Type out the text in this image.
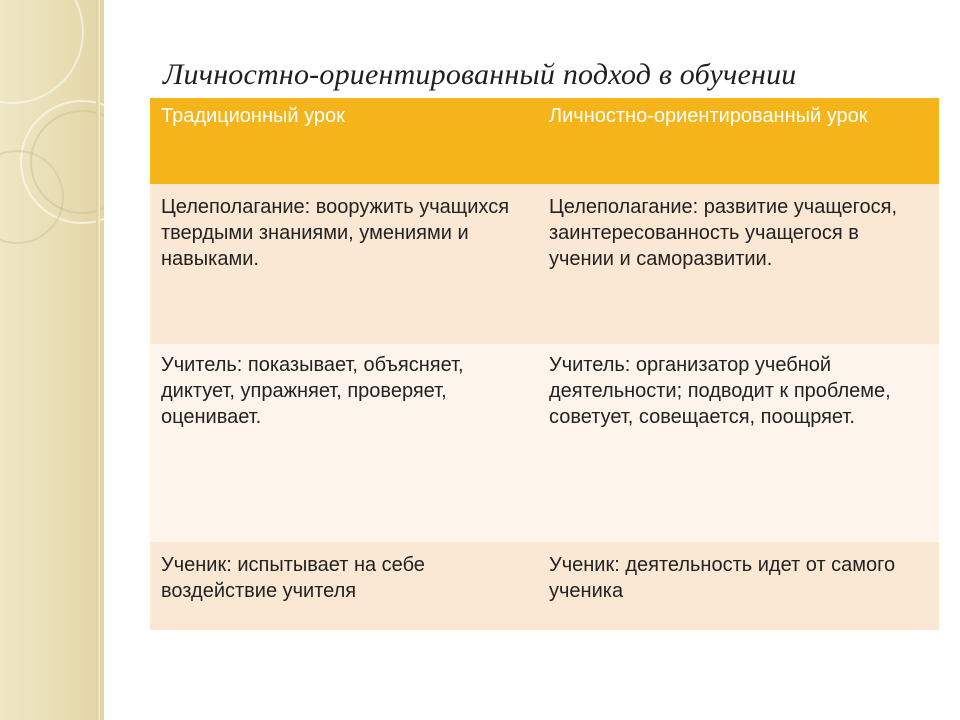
Личностно-ориентированный подход в обучении
Традиционный урок	Личностно-ориентированный урок
Целеполагание: вооружить учащихся твердыми знаниями, умениями и навыками.
Целеполагание: развитие учащегося, заинтересованность учащегося в учении и саморазвитии.
Учитель: показывает, объясняет, диктует, упражняет, проверяет, оценивает.
Учитель: организатор учебной деятельности; подводит к проблеме, советует, совещается, поощряет.
Ученик: испытывает на себе воздействие учителя
Ученик: деятельность идет от самого ученика
